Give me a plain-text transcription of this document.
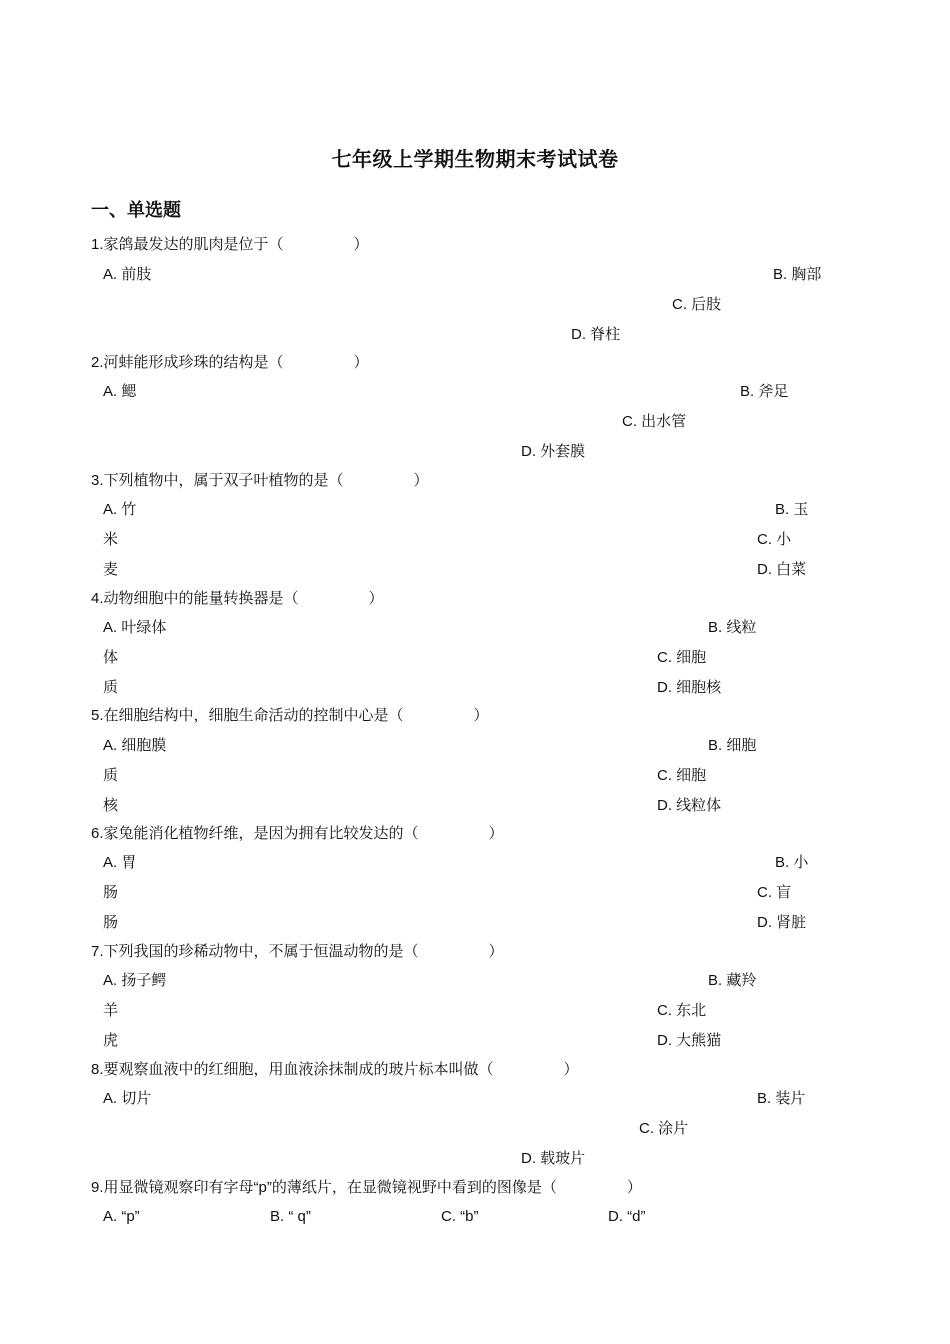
七年级上学期生物期末考试试卷
一、单选题
1.家鸽最发达的肌肉是位于（	）
A. 前肢	B. 胸部
C. 后肢
D. 脊柱
2.河蚌能形成珍珠的结构是（	）
A. 鳃	B. 斧足
C. 出水管
D. 外套膜
3.下列植物中，属于双子叶植物的是（	）
A. 竹	B. 玉
米	C. 小
麦	D. 白菜
4.动物细胞中的能量转换器是（	）
A. 叶绿体	B. 线粒
体	C. 细胞
质	D. 细胞核
5.在细胞结构中，细胞生命活动的控制中心是（	）
A. 细胞膜	B. 细胞
质	C. 细胞
核	D. 线粒体
6.家兔能消化植物纤维，是因为拥有比较发达的（	）
A. 胃	B. 小
肠	C. 盲
肠	D. 肾脏
7.下列我国的珍稀动物中，不属于恒温动物的是（	）
A. 扬子鳄	B. 藏羚
羊	C. 东北
虎	D. 大熊猫
8.要观察血液中的红细胞，用血液涂抹制成的玻片标本叫做（	）
A. 切片	B. 装片
C. 涂片
D. 载玻片
9.用显微镜观察印有字母“p”的薄纸片，在显微镜视野中看到的图像是（	）
A. “p”	B. “ q”	C. “b”	D. “d”
